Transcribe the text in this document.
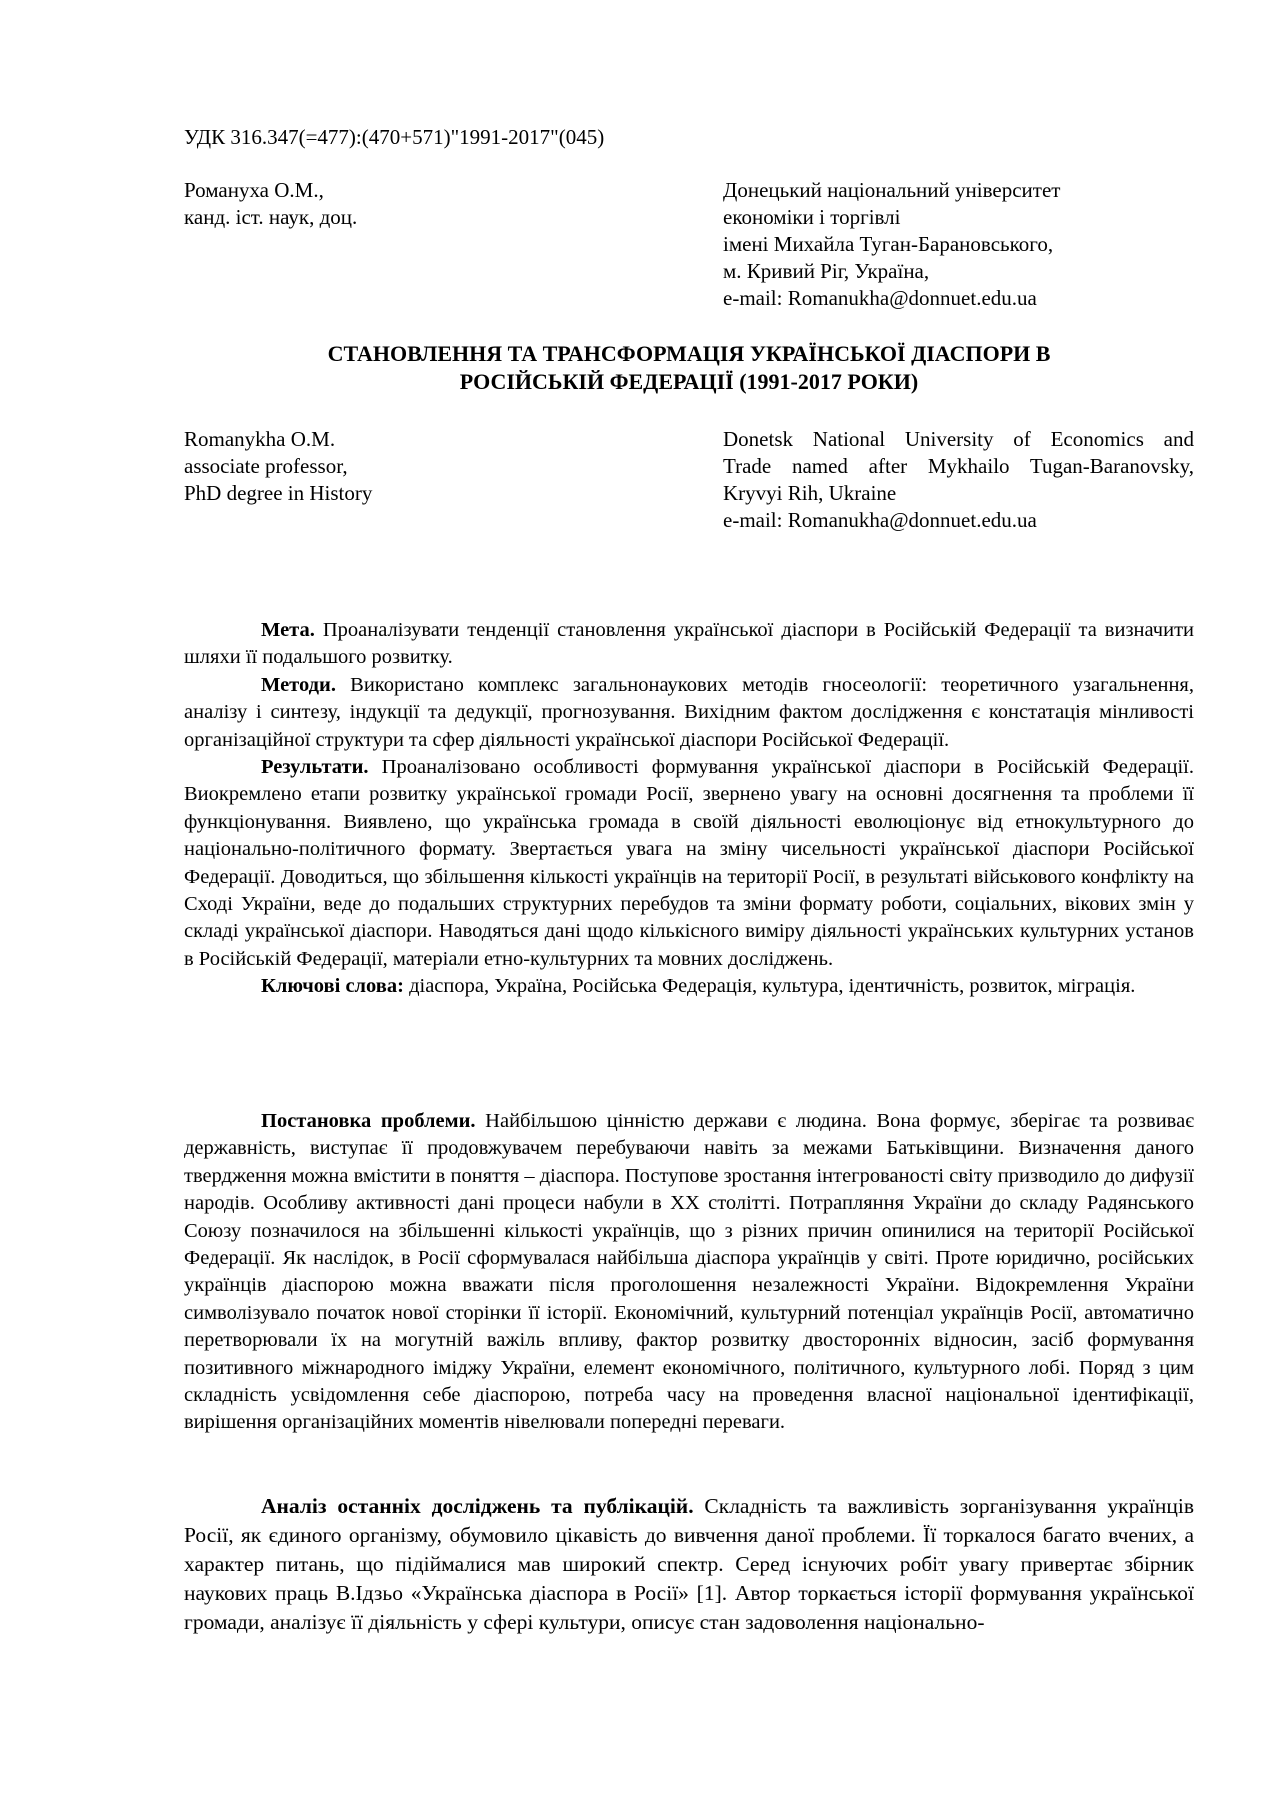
УДК 316.347(=477):(470+571)"1991-2017"(045)
Романуха О.М.,
канд. іст. наук, доц.
Донецький національний університет
економіки і торгівлі
імені Михайла Туган-Барановського,
м. Кривий Ріг, Україна,
e-mail: Romanukha@donnuet.edu.ua
СТАНОВЛЕННЯ ТА ТРАНСФОРМАЦІЯ УКРАЇНСЬКОЇ ДІАСПОРИ В
РОСІЙСЬКІЙ ФЕДЕРАЦІЇ (1991-2017 РОКИ)
Romanykha O.M.
associate professor,
PhD degree in History
Donetsk National University of Economics and
Trade named after Mykhailo Tugan-Baranovsky,
Kryvyi Rih, Ukraine
e-mail: Romanukha@donnuet.edu.ua

Мета. Проаналізувати тенденції становлення української діаспори в Російській Федерації та визначити шляхи її подальшого розвитку.

Методи. Використано комплекс загальнонаукових методів гносеології: теоретичного узагальнення, аналізу і синтезу, індукції та дедукції, прогнозування. Вихідним фактом дослідження є констатація мінливості організаційної структури та сфер діяльності української діаспори Російської Федерації.

Результати. Проаналізовано особливості формування української діаспори в Російській Федерації. Виокремлено етапи розвитку української громади Росії, звернено увагу на основні досягнення та проблеми її функціонування. Виявлено, що українська громада в своїй діяльності еволюціонує від етнокультурного до національно-політичного формату. Звертається увага на зміну чисельності української діаспори Російської Федерації. Доводиться, що збільшення кількості українців на території Росії, в результаті військового конфлікту на Сході України, веде до подальших структурних перебудов та зміни формату роботи, соціальних, вікових змін у складі української діаспори. Наводяться дані щодо кількісного виміру діяльності українських культурних установ в Російській Федерації, матеріали етно-культурних та мовних досліджень.

Ключові слова: діаспора, Україна, Російська Федерація, культура, ідентичність, розвиток, міграція.

Постановка проблеми. Найбільшою цінністю держави є людина. Вона формує, зберігає та розвиває державність, виступає її продовжувачем перебуваючи навіть за межами Батьківщини. Визначення даного твердження можна вмістити в поняття – діаспора. Поступове зростання інтегрованості світу призводило до дифузії народів. Особливу активності дані процеси набули в XX столітті. Потрапляння України до складу Радянського Союзу позначилося на збільшенні кількості українців, що з різних причин опинилися на території Російської Федерації. Як наслідок, в Росії сформувалася найбільша діаспора українців у світі. Проте юридично, російських українців діаспорою можна вважати після проголошення незалежності України. Відокремлення України символізувало початок нової сторінки її історії. Економічний, культурний потенціал українців Росії, автоматично перетворювали їх на могутній важіль впливу, фактор розвитку двосторонніх відносин, засіб формування позитивного міжнародного іміджу України, елемент економічного, політичного, культурного лобі. Поряд з цим складність усвідомлення себе діаспорою, потреба часу на проведення власної національної ідентифікації, вирішення організаційних моментів нівелювали попередні переваги.

Аналіз останніх досліджень та публікацій. Складність та важливість зорганізування українців Росії, як єдиного організму, обумовило цікавість до вивчення даної проблеми. Її торкалося багато вчених, а характер питань, що підіймалися мав широкий спектр. Серед існуючих робіт увагу привертає збірник наукових праць В.Ідзьо «Українська діаспора в Росії» [1]. Автор торкається історії формування української громади, аналізує її діяльність у сфері культури, описує стан задоволення національно-
